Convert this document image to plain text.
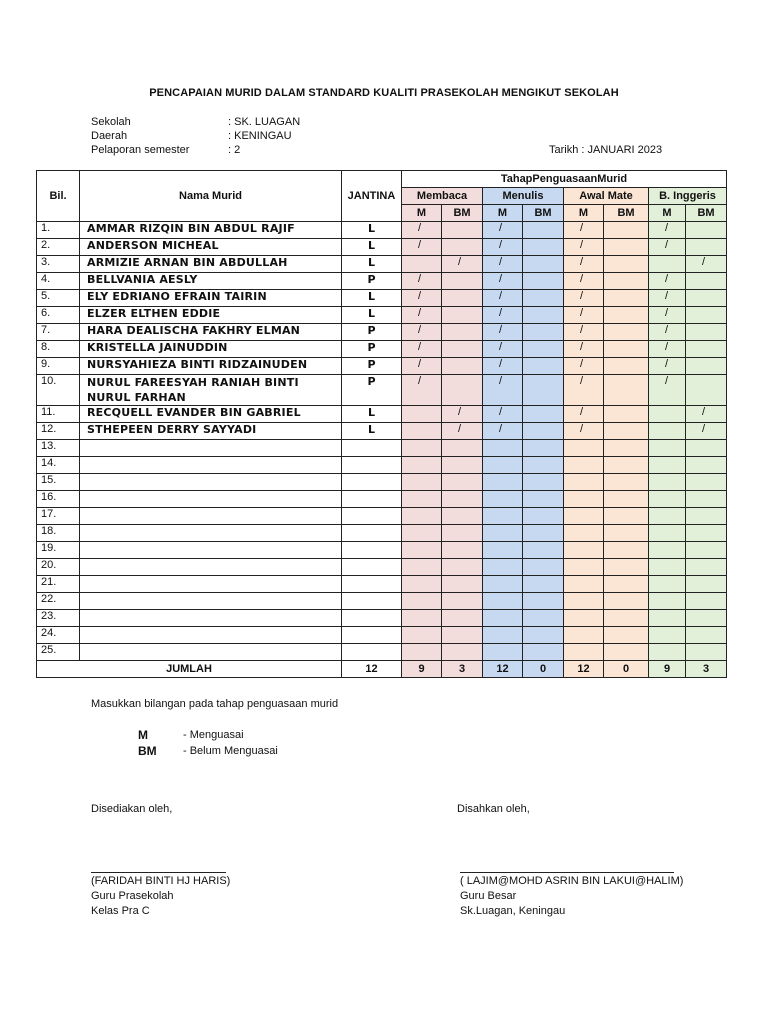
PENCAPAIAN MURID DALAM STANDARD KUALITI PRASEKOLAH MENGIKUT SEKOLAH
Sekolah	: SK. LUAGAN
Daerah	: KENINGAU
Pelaporan semester	: 2	Tarikh : JANUARI 2023
Bil.	Nama Murid	JANTINA	TahapPenguasaanMurid							
			Membaca		Menulis		Awal Mate		B. Inggeris	
			M	BM	M	BM	M	BM	M	BM
1.	AMMAR RIZQIN BIN ABDUL RAJIF	L	/		/		/		/	
2.	ANDERSON MICHEAL	L	/		/		/		/	
3.	ARMIZIE ARNAN BIN ABDULLAH	L		/	/		/			/
4.	BELLVANIA AESLY	P	/		/		/		/	
5.	ELY EDRIANO EFRAIN TAIRIN	L	/		/		/		/	
6.	ELZER ELTHEN EDDIE	L	/		/		/		/	
7.	HARA DEALISCHA FAKHRY ELMAN	P	/		/		/		/	
8.	KRISTELLA JAINUDDIN	P	/		/		/		/	
9.	NURSYAHIEZA BINTI RIDZAINUDEN	P	/		/		/		/	
10.	NURUL FAREESYAH RANIAH BINTI NURUL FARHAN	P	/		/		/		/	
11.	RECQUELL EVANDER BIN GABRIEL	L		/	/		/			/
12.	STHEPEEN DERRY SAYYADI	L		/	/		/			/
13.										
14.										
15.										
16.										
17.										
18.										
19.										
20.										
21.										
22.										
23.										
24.										
25.										
JUMLAH		12	9	3	12	0	12	0	9	3
Masukkan bilangan pada tahap penguasaan murid
M	- Menguasai
BM - Belum Menguasai
Disediakan oleh,
(FARIDAH BINTI HJ HARIS)
Guru Prasekolah
Kelas Pra C
Disahkan oleh,
( LAJIM@MOHD ASRIN BIN LAKUI@HALIM)
Guru Besar
Sk.Luagan, Keningau
